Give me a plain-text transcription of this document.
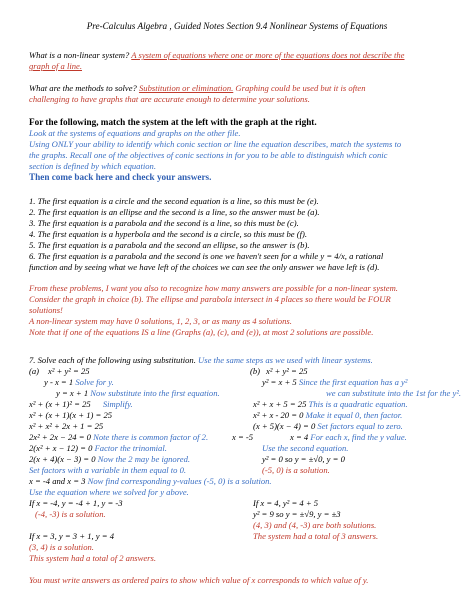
Pre-Calculus Algebra , Guided Notes Section 9.4 Nonlinear Systems of Equations
What is a non-linear system? A system of equations where one or more of the equations does not describe the
graph of a line.
What are the methods to solve? Substitution or elimination. Graphing could be used but it is often
challenging to have graphs that are accurate enough to determine your solutions.
For the following, match the system at the left with the graph at the right.
Look at the systems of equations and graphs on the other file.
Using ONLY your ability to identify which conic section or line the equation describes, match the systems to
the graphs. Recall one of the objectives of conic sections in for you to be able to distinguish which conic
section is defined by which equation.
Then come back here and check your answers.
1. The first equation is a circle and the second equation is a line, so this must be (e).
2. The first equation is an ellipse and the second is a line, so the answer must be (a).
3. The first equation is a parabola and the second is a line, so this must be (c).
4. The first equation is a hyperbola and the second is a circle, so this must be (f).
5. The first equation is a parabola and the second an ellipse, so the answer is (b).
6. The first equation is a parabola and the second is one we haven't seen for a while y = 4/x, a rational
function and by seeing what we have left of the choices we can see the only answer we have left is (d).
From these problems, I want you also to recognize how many answers are possible for a non-linear system.
Consider the graph in choice (b). The ellipse and parabola intersect in 4 places so there would be FOUR
solutions!
A non-linear system may have 0 solutions, 1, 2, 3, or as many as 4 solutions.
Note that if one of the equations IS a line (Graphs (a), (c), and (e)), at most 2 solutions are possible.
7. Solve each of the following using substitution. Use the same steps as we used with linear systems.
(a)	(b)
x² + y² = 25
y - x = 1 Solve for y.
y = x + 1 Now substitute into the first equation.
x² + (x + 1)² = 25 Simplify.
x² + (x + 1)(x + 1) = 25
x² + x² + 2x + 1 = 25
2x² + 2x − 24 = 0 Note there is common factor of 2.
2(x² + x − 12) = 0 Factor the trinomial.
2(x + 4)(x − 3) = 0 Now the 2 may be ignored.
Set factors with a variable in them equal to 0.
x = -4 and x = 3 Now find corresponding y-values (-5, 0) is a solution.
Use the equation where we solved for y above.
If x = -4, y = -4 + 1, y = -3
(-4, -3) is a solution.
If x = 3, y = 3 + 1, y = 4
(3, 4) is a solution.
This system had a total of 2 answers.
x² + y² = 25
y² = x + 5 Since the first equation has a y²
we can substitute into the 1st for the y².
x² + x + 5 = 25 This is a quadratic equation.
x² + x - 20 = 0 Make it equal 0, then factor.
(x + 5)(x − 4) = 0 Set factors equal to zero.
x = -5	x = 4 For each x, find the y value.
Use the second equation.
y² = 0 so y = ±√0, y = 0
(-5, 0) is a solution.
If x = 4, y² = 4 + 5
y² = 9 so y = ±√9, y = ±3
(4, 3) and (4, -3) are both solutions.
The system had a total of 3 answers.
You must write answers as ordered pairs to show which value of x corresponds to which value of y.
